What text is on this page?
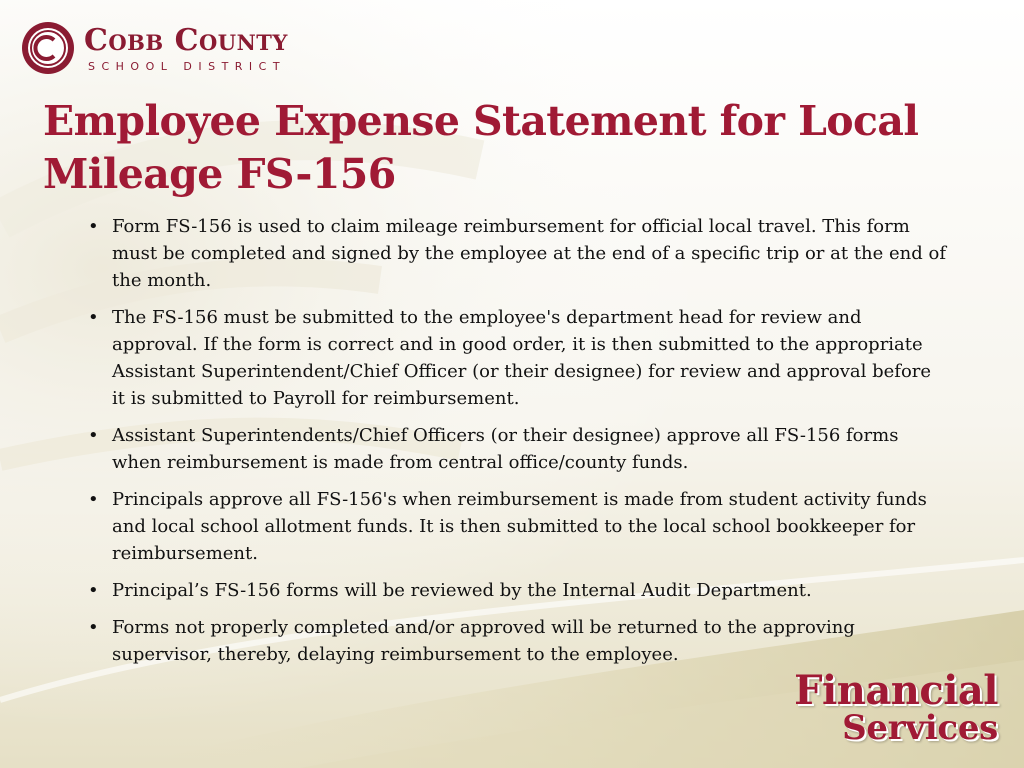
Cobb County
SCHOOL DISTRICT
Employee Expense Statement for Local Mileage FS-156
• Form FS-156 is used to claim mileage reimbursement for official local travel. This form must be completed and signed by the employee at the end of a specific trip or at the end of the month.
• The FS-156 must be submitted to the employee's department head for review and approval. If the form is correct and in good order, it is then submitted to the appropriate Assistant Superintendent/Chief Officer (or their designee) for review and approval before it is submitted to Payroll for reimbursement.
• Assistant Superintendents/Chief Officers (or their designee) approve all FS-156 forms when reimbursement is made from central office/county funds.
• Principals approve all FS-156's when reimbursement is made from student activity funds and local school allotment funds. It is then submitted to the local school bookkeeper for reimbursement.
• Principal’s FS-156 forms will be reviewed by the Internal Audit Department.
• Forms not properly completed and/or approved will be returned to the approving supervisor, thereby, delaying reimbursement to the employee.
Financial
Services
